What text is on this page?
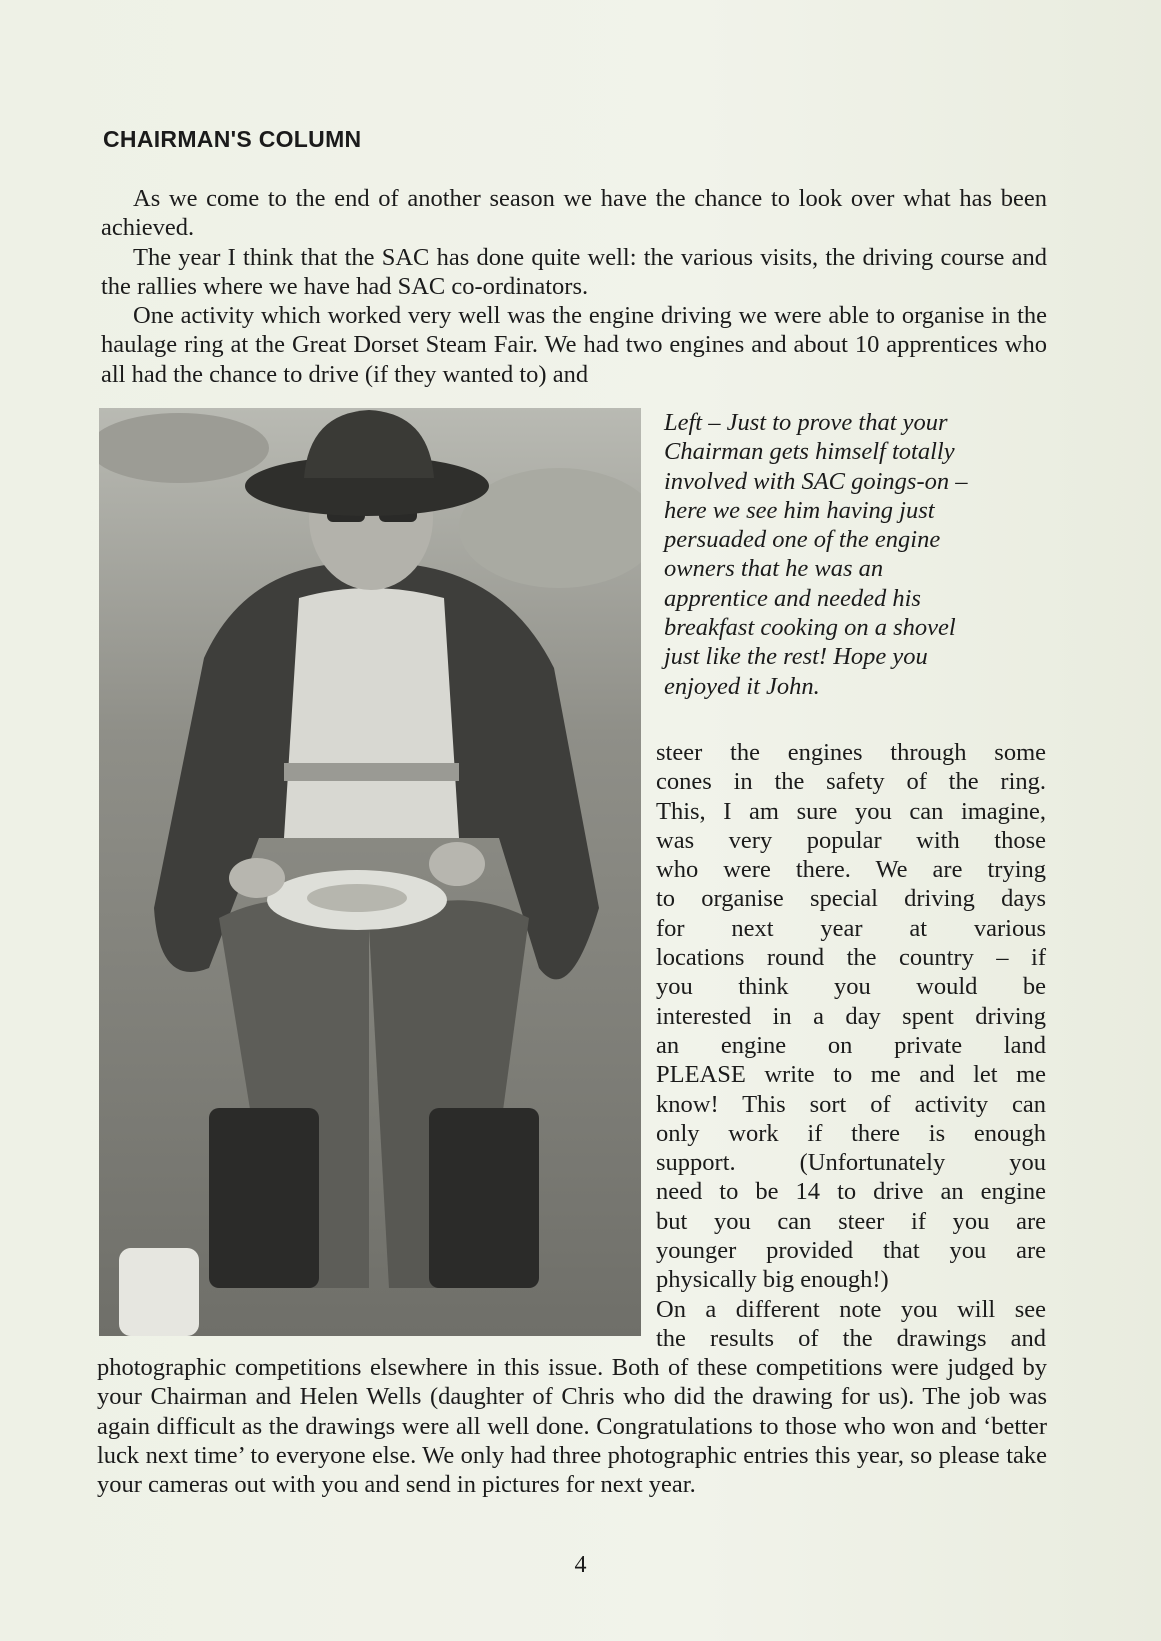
CHAIRMAN'S COLUMN

As we come to the end of another season we have the chance to look over what has been achieved.

The year I think that the SAC has done quite well: the various visits, the driving course and the rallies where we have had SAC co-ordinators.

One activity which worked very well was the engine driving we were able to organise in the haulage ring at the Great Dorset Steam Fair. We had two engines and about 10 apprentices who all had the chance to drive (if they wanted to) and

Left – Just to prove that your
Chairman gets himself totally
involved with SAC goings-on –
here we see him having just
persuaded one of the engine
owners that he was an
apprentice and needed his
breakfast cooking on a shovel
just like the rest! Hope you
enjoyed it John.
steer the engines through some
cones in the safety of the ring.
This, I am sure you can imagine,
was very popular with those
who were there. We are trying
to organise special driving days
for next year at various
locations round the country – if
you think you would be
interested in a day spent driving
an engine on private land
PLEASE write to me and let me
know! This sort of activity can
only work if there is enough
support. (Unfortunately you
need to be 14 to drive an engine
but you can steer if you are
younger provided that you are
physically big enough!)
On a different note you will see
the results of the drawings and

photographic competitions elsewhere in this issue. Both of these competitions were judged by your Chairman and Helen Wells (daughter of Chris who did the drawing for us). The job was again difficult as the drawings were all well done. Congratulations to those who won and ‘better luck next time’ to everyone else. We only had three photographic entries this year, so please take your cameras out with you and send in pictures for next year.

4
